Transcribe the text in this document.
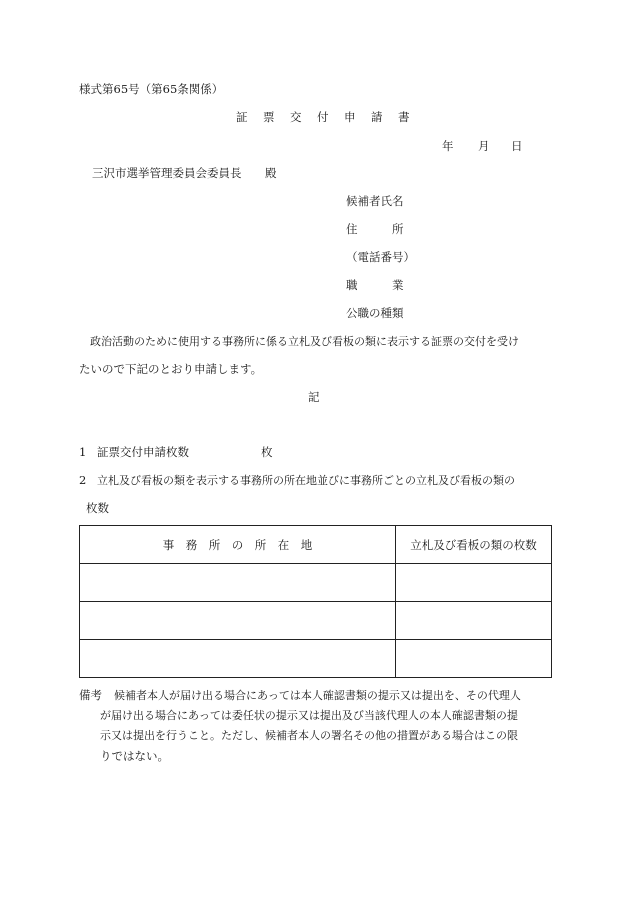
様式第65号（第65条関係）
証　票　交　付　申　請　書
年 月 日
三沢市選挙管理委員会委員長 殿
候補者氏名
住　　　所
（電話番号）
職　　　業
公職の種類
政治活動のために使用する事務所に係る立札及び看板の類に表示する証票の交付を受け
たいので下記のとおり申請します。
記
1 証票交付申請枚数	枚
2 立札及び看板の類を表示する事務所の所在地並びに事務所ごとの立札及び看板の類の
枚数
事　務　所　の　所　在　地	立札及び看板の類の枚数

備考 候補者本人が届け出る場合にあっては本人確認書類の提示又は提出を、その代理人
が届け出る場合にあっては委任状の提示又は提出及び当該代理人の本人確認書類の提
示又は提出を行うこと。ただし、候補者本人の署名その他の措置がある場合はこの限
りではない。
